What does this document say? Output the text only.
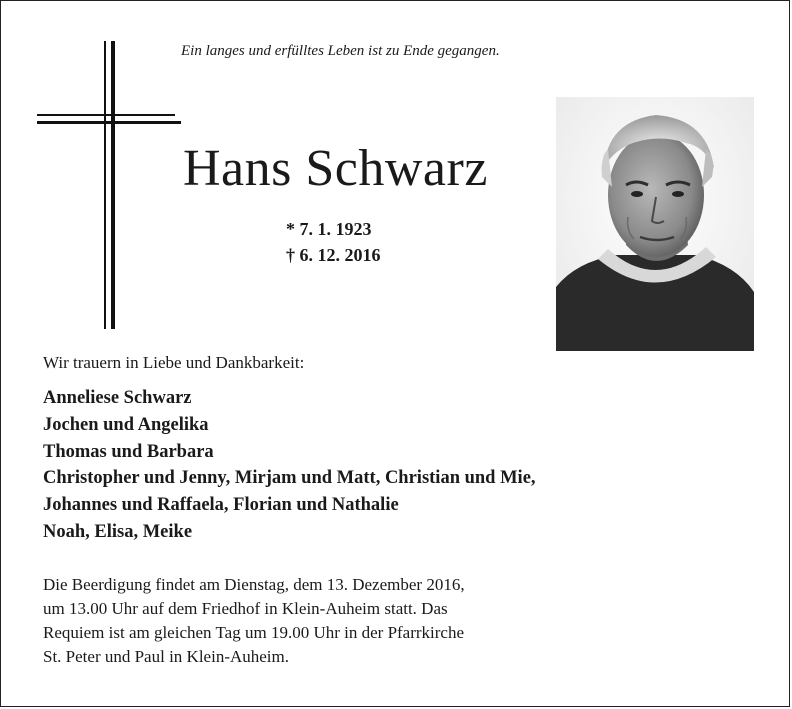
Ein langes und erfülltes Leben ist zu Ende gegangen.
Hans Schwarz
* 7. 1. 1923
† 6. 12. 2016
Wir trauern in Liebe und Dankbarkeit:
Anneliese Schwarz
Jochen und Angelika
Thomas und Barbara
Christopher und Jenny, Mirjam und Matt, Christian und Mie,
Johannes und Raffaela, Florian und Nathalie
Noah, Elisa, Meike
Die Beerdigung findet am Dienstag, dem 13. Dezember 2016,
um 13.00 Uhr auf dem Friedhof in Klein-Auheim statt. Das
Requiem ist am gleichen Tag um 19.00 Uhr in der Pfarrkirche
St. Peter und Paul in Klein-Auheim.
